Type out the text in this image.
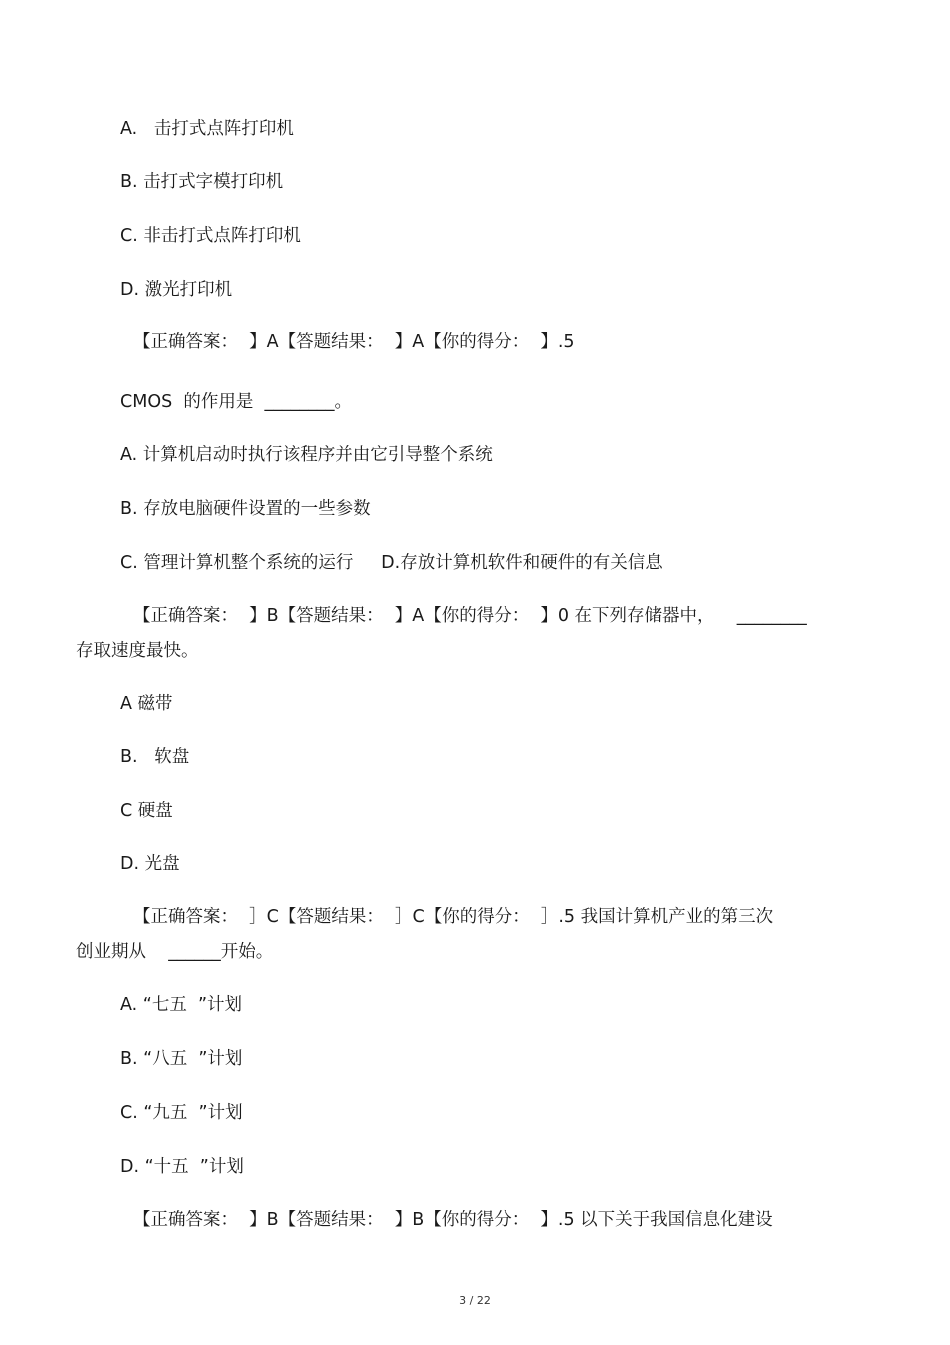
A.   击打式点阵打印机
B. 击打式字模打印机
C. 非击打式点阵打印机
D. 激光打印机
【正确答案：  】A【答题结果：  】A【你的得分：  】.5
CMOS  的作用是  ________。
A. 计算机启动时执行该程序并由它引导整个系统
B. 存放电脑硬件设置的一些参数
C. 管理计算机整个系统的运行     D.存放计算机软件和硬件的有关信息
【正确答案：  】B【答题结果：  】A【你的得分：  】0 在下列存储器中，    ________
存取速度最快。
A 磁带
B.   软盘
C 硬盘
D. 光盘
【正确答案：  ］C【答题结果：  ］C【你的得分：  ］.5 我国计算机产业的第三次
创业期从    ______开始。
A. “七五  ”计划
B. “八五  ”计划
C. “九五  ”计划
D. “十五  ”计划
【正确答案：  】B【答题结果：  】B【你的得分：  】.5 以下关于我国信息化建设
3 / 22
